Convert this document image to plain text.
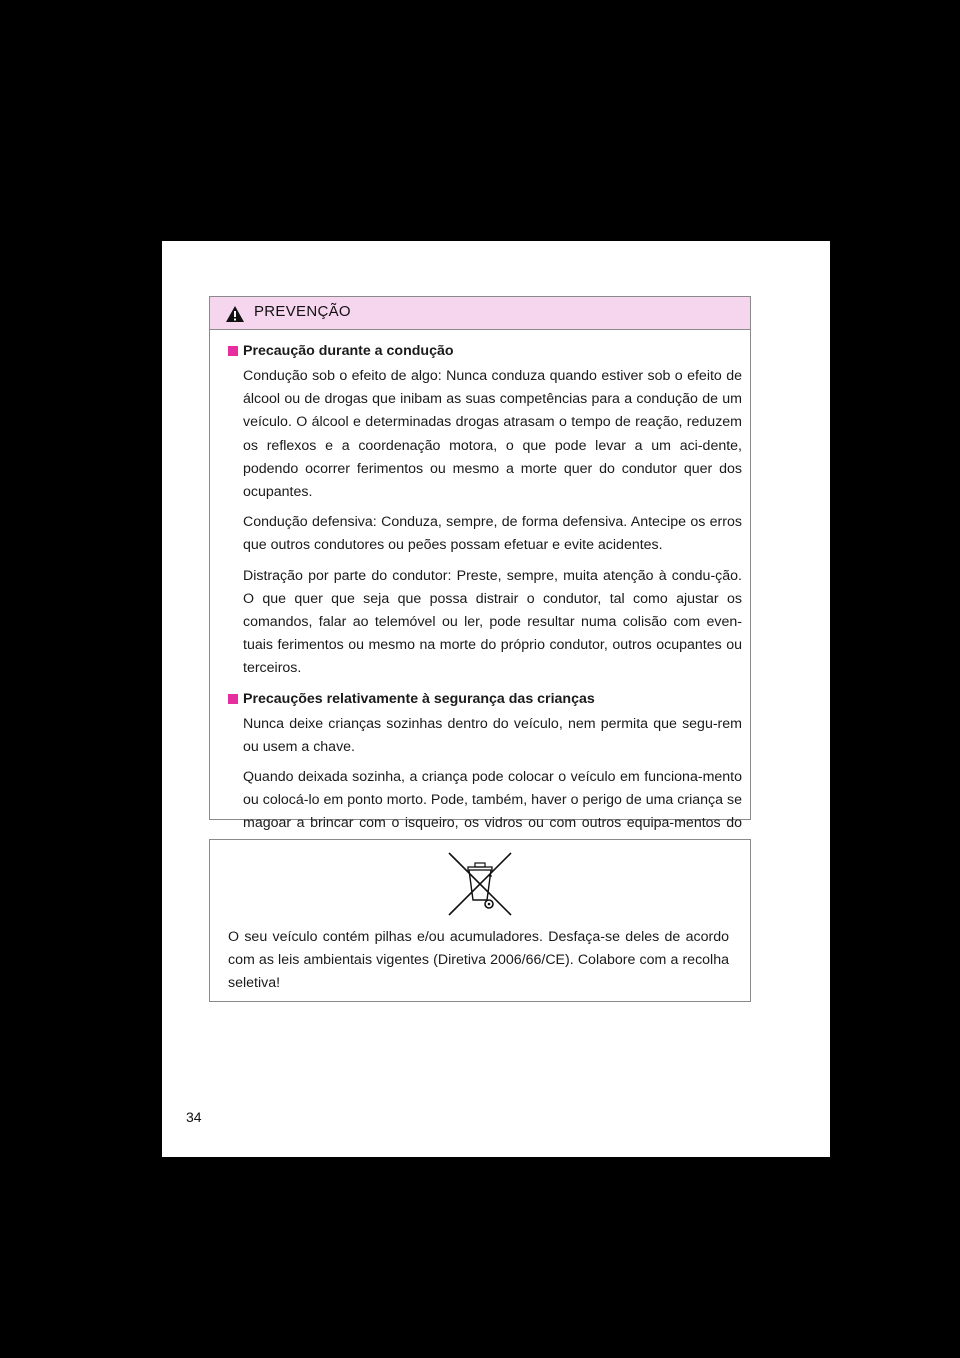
PREVENÇÃO
Precaução durante a condução

Condução sob o efeito de algo: Nunca conduza quando estiver sob o efeito de álcool ou de drogas que inibam as suas competências para a condução de um veículo. O álcool e determinadas drogas atrasam o tempo de reação, reduzem os reflexos e a coordenação motora, o que pode levar a um aci-dente, podendo ocorrer ferimentos ou mesmo a morte quer do condutor quer dos ocupantes.

Condução defensiva: Conduza, sempre, de forma defensiva. Antecipe os erros que outros condutores ou peões possam efetuar e evite acidentes.

Distração por parte do condutor: Preste, sempre, muita atenção à condu-ção. O que quer que seja que possa distrair o condutor, tal como ajustar os comandos, falar ao telemóvel ou ler, pode resultar numa colisão com even-tuais ferimentos ou mesmo na morte do próprio condutor, outros ocupantes ou terceiros.

Precauções relativamente à segurança das crianças

Nunca deixe crianças sozinhas dentro do veículo, nem permita que segu-rem ou usem a chave.

Quando deixada sozinha, a criança pode colocar o veículo em funciona-mento ou colocá-lo em ponto morto. Pode, também, haver o perigo de uma criança se magoar a brincar com o isqueiro, os vidros ou com outros equipa-mentos do

O seu veículo contém pilhas e/ou acumuladores. Desfaça-se deles de acordo com as leis ambientais vigentes (Diretiva 2006/66/CE). Colabore com a recolha seletiva!
34
